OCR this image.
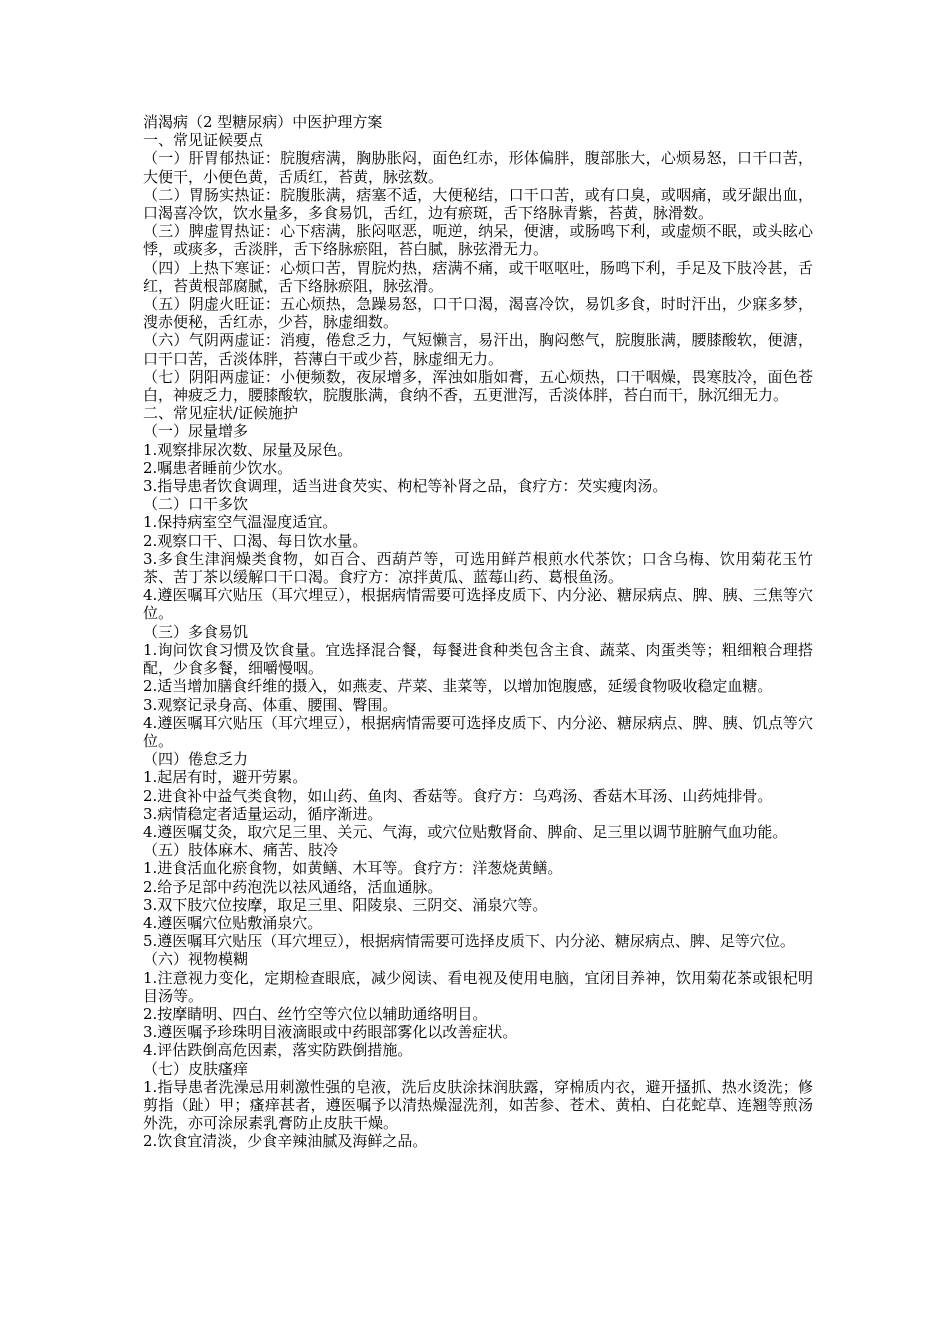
消渴病（2 型糖尿病）中医护理方案

一、常见证候要点

（一）肝胃郁热证：脘腹痞满，胸胁胀闷，面色红赤，形体偏胖，腹部胀大，心烦易怒，口干口苦，大便干，小便色黄，舌质红，苔黄，脉弦数。

（二）胃肠实热证：脘腹胀满，痞塞不适，大便秘结，口干口苦，或有口臭，或咽痛，或牙龈出血，口渴喜冷饮，饮水量多，多食易饥，舌红，边有瘀斑，舌下络脉青紫，苔黄，脉滑数。

（三）脾虚胃热证：心下痞满，胀闷呕恶，呃逆，纳呆，便溏，或肠鸣下利，或虚烦不眠，或头眩心悸，或痰多，舌淡胖，舌下络脉瘀阻，苔白腻，脉弦滑无力。

（四）上热下寒证：心烦口苦，胃脘灼热，痞满不痛，或干呕呕吐，肠鸣下利，手足及下肢冷甚，舌红，苔黄根部腐腻，舌下络脉瘀阻，脉弦滑。

（五）阴虚火旺证：五心烦热，急躁易怒，口干口渴，渴喜冷饮，易饥多食，时时汗出，少寐多梦，溲赤便秘，舌红赤，少苔，脉虚细数。

（六）气阴两虚证：消瘦，倦怠乏力，气短懒言，易汗出，胸闷憋气，脘腹胀满，腰膝酸软，便溏，口干口苦，舌淡体胖，苔薄白干或少苔，脉虚细无力。

（七）阴阳两虚证：小便频数，夜尿增多，浑浊如脂如膏，五心烦热，口干咽燥，畏寒肢冷，面色苍白，神疲乏力，腰膝酸软，脘腹胀满，食纳不香，五更泄泻，舌淡体胖，苔白而干，脉沉细无力。

二、常见症状/证候施护

（一）尿量增多

1.观察排尿次数、尿量及尿色。

2.嘱患者睡前少饮水。

3.指导患者饮食调理，适当进食芡实、枸杞等补肾之品，食疗方：芡实瘦肉汤。

（二）口干多饮

1.保持病室空气温湿度适宜。

2.观察口干、口渴、每日饮水量。

3.多食生津润燥类食物，如百合、西葫芦等，可选用鲜芦根煎水代茶饮；口含乌梅、饮用菊花玉竹茶、苦丁茶以缓解口干口渴。食疗方：凉拌黄瓜、蓝莓山药、葛根鱼汤。

4.遵医嘱耳穴贴压（耳穴埋豆），根据病情需要可选择皮质下、内分泌、糖尿病点、脾、胰、三焦等穴位。

（三）多食易饥

1.询问饮食习惯及饮食量。宜选择混合餐，每餐进食种类包含主食、蔬菜、肉蛋类等；粗细粮合理搭配，少食多餐，细嚼慢咽。

2.适当增加膳食纤维的摄入，如燕麦、芹菜、韭菜等，以增加饱腹感，延缓食物吸收稳定血糖。

3.观察记录身高、体重、腰围、臀围。

4.遵医嘱耳穴贴压（耳穴埋豆），根据病情需要可选择皮质下、内分泌、糖尿病点、脾、胰、饥点等穴位。

（四）倦怠乏力

1.起居有时，避开劳累。

2.进食补中益气类食物，如山药、鱼肉、香菇等。食疗方：乌鸡汤、香菇木耳汤、山药炖排骨。

3.病情稳定者适量运动，循序渐进。

4.遵医嘱艾灸，取穴足三里、关元、气海，或穴位贴敷肾俞、脾俞、足三里以调节脏腑气血功能。

（五）肢体麻木、痛苦、肢冷

1.进食活血化瘀食物，如黄鳝、木耳等。食疗方：洋葱烧黄鳝。

2.给予足部中药泡洗以祛风通络，活血通脉。

3.双下肢穴位按摩，取足三里、阳陵泉、三阴交、涌泉穴等。

4.遵医嘱穴位贴敷涌泉穴。

5.遵医嘱耳穴贴压（耳穴埋豆），根据病情需要可选择皮质下、内分泌、糖尿病点、脾、足等穴位。

（六）视物模糊

1.注意视力变化，定期检查眼底，减少阅读、看电视及使用电脑，宜闭目养神，饮用菊花茶或银杞明目汤等。

2.按摩睛明、四白、丝竹空等穴位以辅助通络明目。

3.遵医嘱予珍珠明目液滴眼或中药眼部雾化以改善症状。

4.评估跌倒高危因素，落实防跌倒措施。

（七）皮肤瘙痒

1.指导患者洗澡忌用刺激性强的皂液，洗后皮肤涂抹润肤露，穿棉质内衣，避开搔抓、热水烫洗；修剪指（趾）甲；瘙痒甚者，遵医嘱予以清热燥湿洗剂，如苦参、苍术、黄柏、白花蛇草、连翘等煎汤外洗，亦可涂尿素乳膏防止皮肤干燥。

2.饮食宜清淡，少食辛辣油腻及海鲜之品。
